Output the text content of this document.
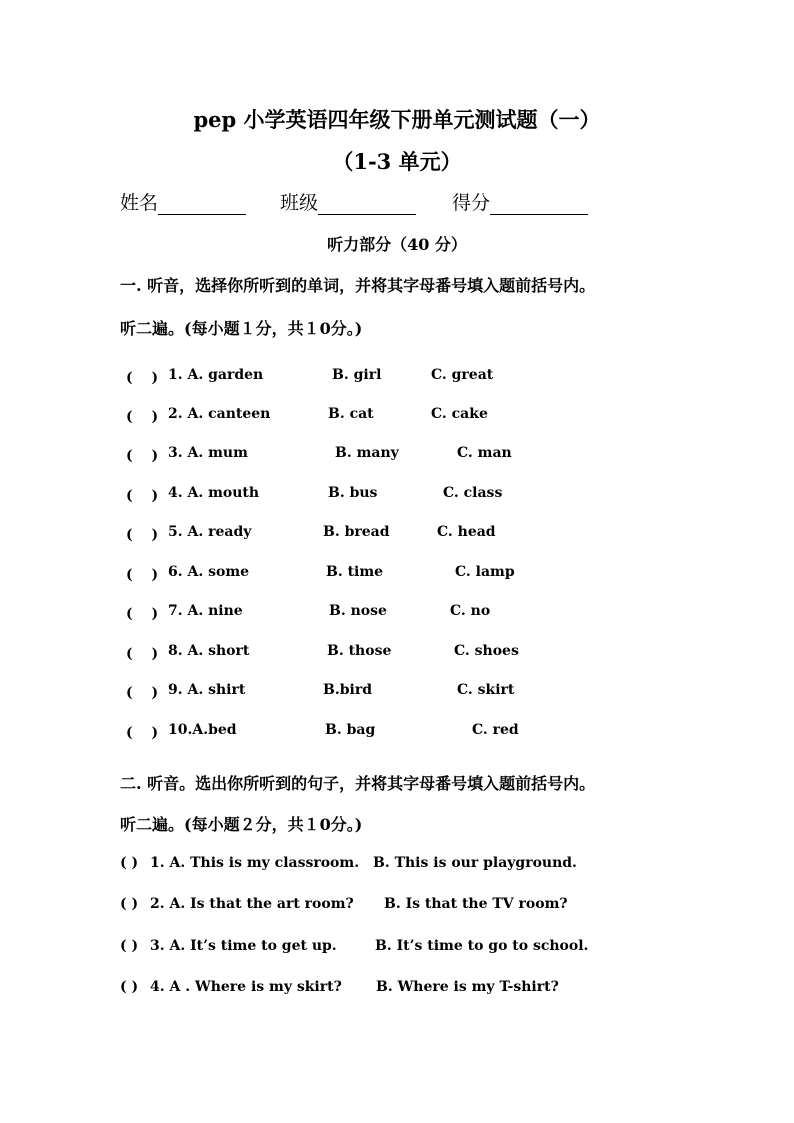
pep 小学英语四年级下册单元测试题（一）
（1-3 单元）
姓名	班级	得分
听力部分（40 分）
一. 听音，选择你所听到的单词，并将其字母番号填入题前括号内。
听二遍。(每小题１分，共１0分。)
(　 ) 1. A. garden	B. girl	C. great
(　 ) 2. A. canteen	B. cat	C. cake
(　 ) 3. A. mum	B. many	C. man
(　 ) 4. A. mouth	B. bus	C. class
(　 ) 5. A. ready	B. bread	C. head
(　 ) 6. A. some	B. time	C. lamp
(　 ) 7. A. nine	B. nose	C. no
(　 ) 8. A. short	B. those	C. shoes
(　 ) 9. A. shirt	B.bird	C. skirt
(　 ) 10.A.bed	B. bag	C. red
二. 听音。选出你所听到的句子，并将其字母番号填入题前括号内。
听二遍。(每小题２分，共１0分。)
( ) 1. A. This is my classroom. B. This is our playground.
( ) 2. A. Is that the art room? B. Is that the TV room?
( ) 3. A. It’s time to get up.	B. It’s time to go to school.
( ) 4. A . Where is my skirt? B. Where is my T-shirt?
